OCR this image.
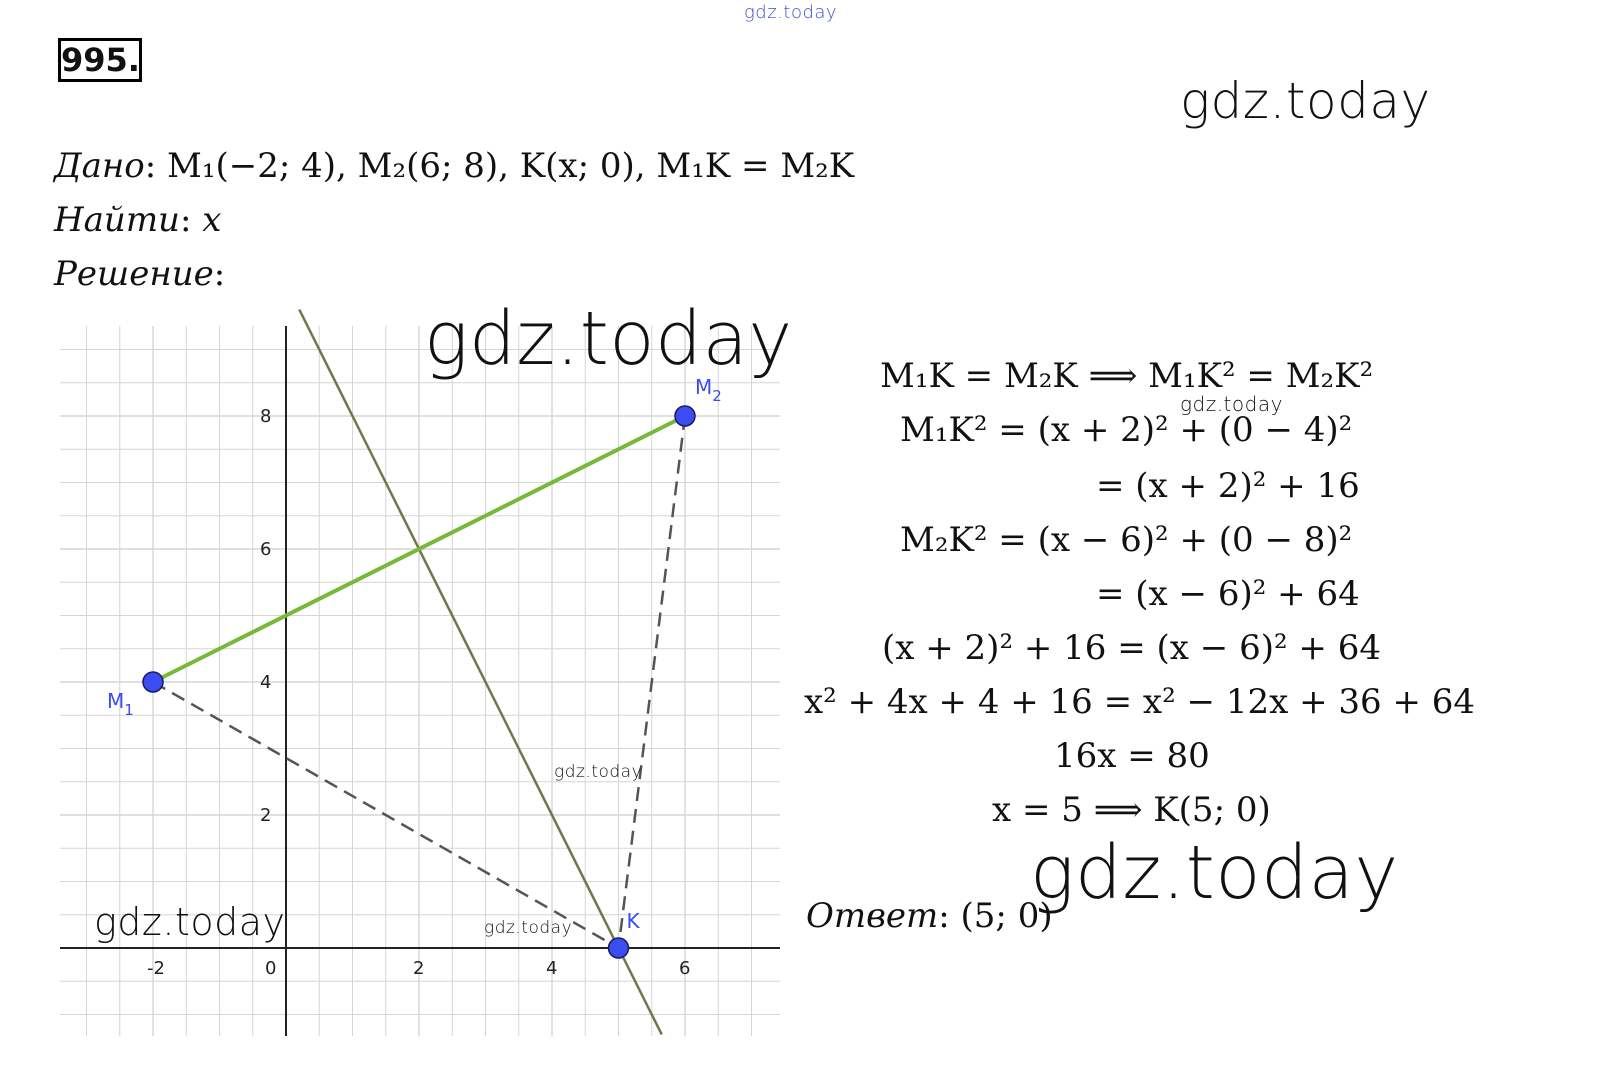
gdz.today
995.
gdz.today
Дано: M₁(−2; 4), M₂(6; 8), K(x; 0), M₁K = M₂K
Найти: x
Решение:
-2	0	2	4	6
2
4
6
8
$M_1$
$M_2$
K
gdz.today
gdz.today
gdz.today
gdz.today
M₁K = M₂K ⟹ M₁K² = M₂K²
gdz.today
M₁K² = (x + 2)² + (0 − 4)²
= (x + 2)² + 16
M₂K² = (x − 6)² + (0 − 8)²
= (x − 6)² + 64
(x + 2)² + 16 = (x − 6)² + 64
x² + 4x + 4 + 16 = x² − 12x + 36 + 64
16x = 80
x = 5 ⟹ K(5; 0)
gdz.today
Ответ: (5; 0)
